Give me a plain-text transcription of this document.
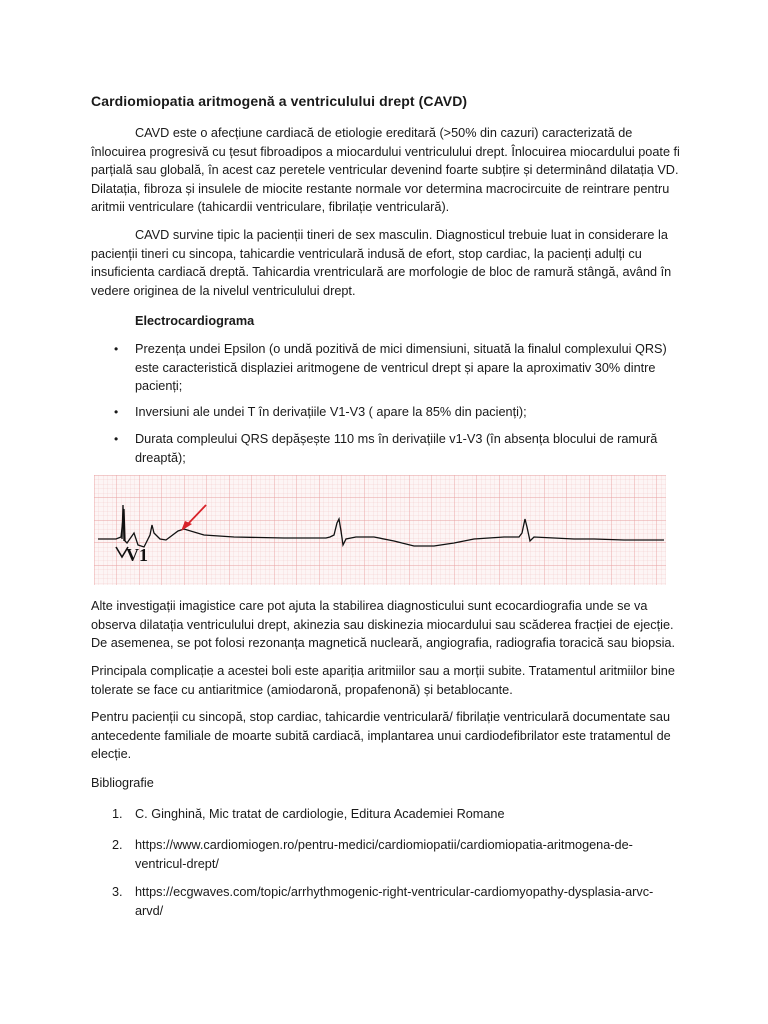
Cardiomiopatia aritmogenă a ventriculului drept (CAVD)

CAVD este o afecțiune cardiacă de etiologie ereditară (>50% din cazuri) caracterizată de înlocuirea progresivă cu țesut fibroadipos a miocardului ventriculului drept. Înlocuirea miocardului poate fi parțială sau globală, în acest caz peretele ventricular devenind foarte subțire și determinând dilatația VD. Dilatația, fibroza și insulele de miocite restante normale vor determina macrocircuite de reintrare pentru aritmii ventriculare (tahicardii ventriculare, fibrilație ventriculară).

CAVD survine tipic la pacienții tineri de sex masculin. Diagnosticul trebuie luat in considerare la pacienții tineri cu sincopa, tahicardie ventriculară indusă de efort, stop cardiac, la pacienți adulți cu insuficienta cardiacă dreptă. Tahicardia vrentriculară are morfologie de bloc de ramură stângă, având în vedere originea de la nivelul ventriculului drept.

Electrocardiograma
• Prezența undei Epsilon (o undă pozitivă de mici dimensiuni, situată la finalul complexului QRS) este caracteristică displaziei aritmogene de ventricul drept și apare la aproximativ 30% dintre pacienți;
• Inversiuni ale undei T în derivațiile V1-V3 ( apare la 85% din pacienți);
• Durata compleului QRS depășește 110 ms în derivațiile v1-V3 (în absența blocului de ramură dreaptă);
V1

Alte investigații imagistice care pot ajuta la stabilirea diagnosticului sunt ecocardiografia unde se va observa dilatația ventriculului drept, akinezia sau diskinezia miocardului sau scăderea fracției de ejecție. De asemenea, se pot folosi rezonanța magnetică nucleară, angiografia, radiografia toracică sau biopsia.

Principala complicație a acestei boli este apariția aritmiilor sau a morții subite. Tratamentul aritmiilor bine tolerate se face cu antiaritmice (amiodaronă, propafenonă) și betablocante.

Pentru pacienții cu sincopă, stop cardiac, tahicardie ventriculară/ fibrilație ventriculară documentate sau antecedente familiale de moarte subită cardiacă, implantarea unui cardiodefibrilator este tratamentul de elecție.

Bibliografie

1. C. Ginghină, Mic tratat de cardiologie, Editura Academiei Romane
2. https://www.cardiomiogen.ro/pentru-medici/cardiomiopatii/cardiomiopatia-aritmogena-de-ventricul-drept/
3. https://ecgwaves.com/topic/arrhythmogenic-right-ventricular-cardiomyopathy-dysplasia-arvc-arvd/
